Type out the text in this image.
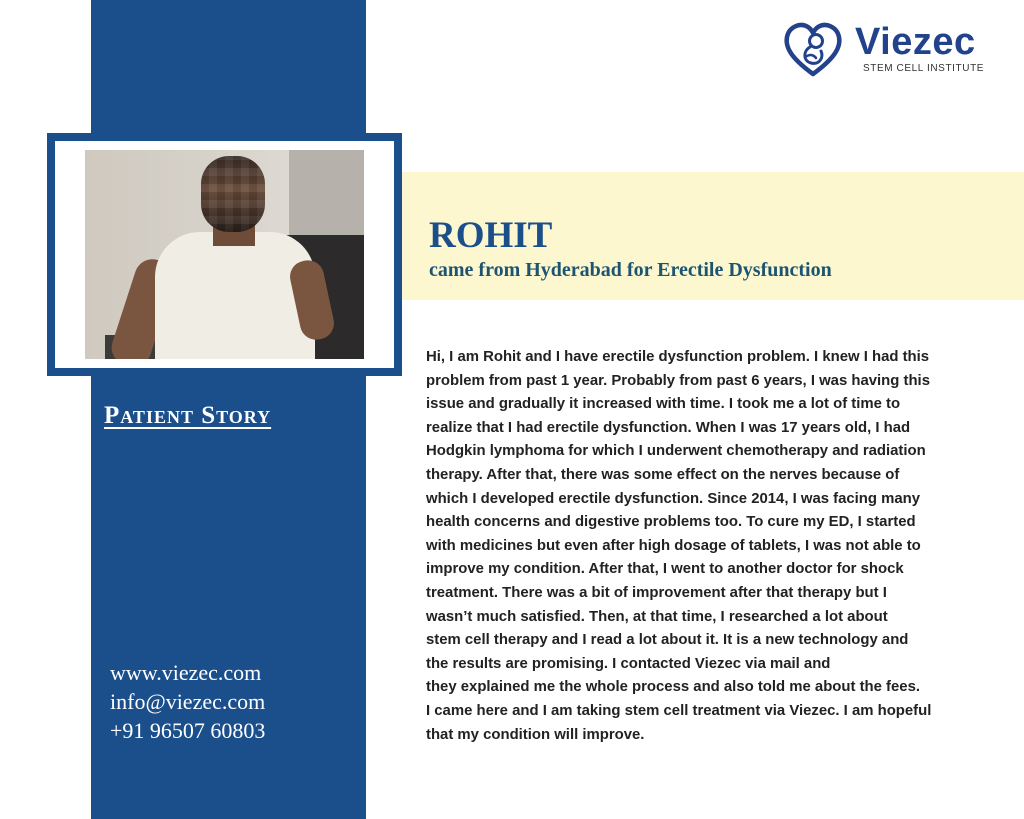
Viezec
STEM CELL INSTITUTE
ROHIT
came from Hyderabad for Erectile Dysfunction
Patient Story
www.viezec.com
info@viezec.com
+91 96507 60803
Hi, I am Rohit and I have erectile dysfunction problem. I knew I had this
problem from past 1 year. Probably from past 6 years, I was having this
issue and gradually it increased with time. I took me a lot of time to
realize that I had erectile dysfunction. When I was 17 years old, I had
Hodgkin lymphoma for which I underwent chemotherapy and radiation
therapy. After that, there was some effect on the nerves because of
which I developed erectile dysfunction. Since 2014, I was facing many
health concerns and digestive problems too. To cure my ED, I started
with medicines but even after high dosage of tablets, I was not able to
improve my condition. After that, I went to another doctor for shock
treatment. There was a bit of improvement after that therapy but I
wasn’t much satisfied. Then, at that time, I researched a lot about
stem cell therapy and I read a lot about it. It is a new technology and
the results are promising. I contacted Viezec via mail and
they explained me the whole process and also told me about the fees.
I came here and I am taking stem cell treatment via Viezec. I am hopeful
that my condition will improve.
